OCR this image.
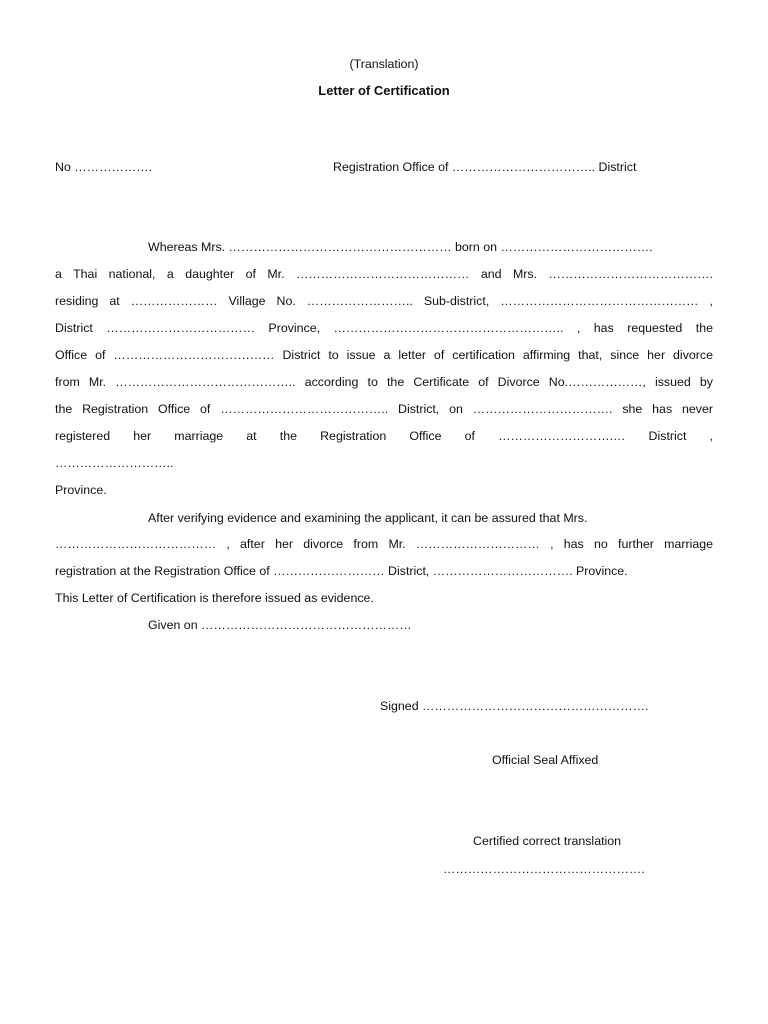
(Translation)
Letter of Certification
No ……………….	Registration Office of …………………………….. District
Whereas Mrs. ……………………………………………… born on ……………………………….
a Thai national, a daughter of Mr. …………………………………… and Mrs. ………………………………….
residing at ………………… Village No. …………………….. Sub-district, ………………………………………… ,
District ……………………………… Province, ……………………………………………….. , has requested the
Office of ………………………………… District to issue a letter of certification affirming that, since her divorce
from Mr. …………………………………….. according to the Certificate of Divorce No.………………, issued by
the Registration Office of ………………………………….. District, on ……………………………. she has never
registered her marriage at the Registration Office of ……………………….… District ,
………………………..
Province.
After verifying evidence and examining the applicant, it can be assured that Mrs.
………………………………… , after her divorce from Mr. ………………………… , has no further marriage
registration at the Registration Office of ……………………… District, ……………………………. Province.
This Letter of Certification is therefore issued as evidence.
Given on ……………………………………………
Signed ……………………………………………….
Official Seal Affixed
Certified correct translation
………………………………………….
